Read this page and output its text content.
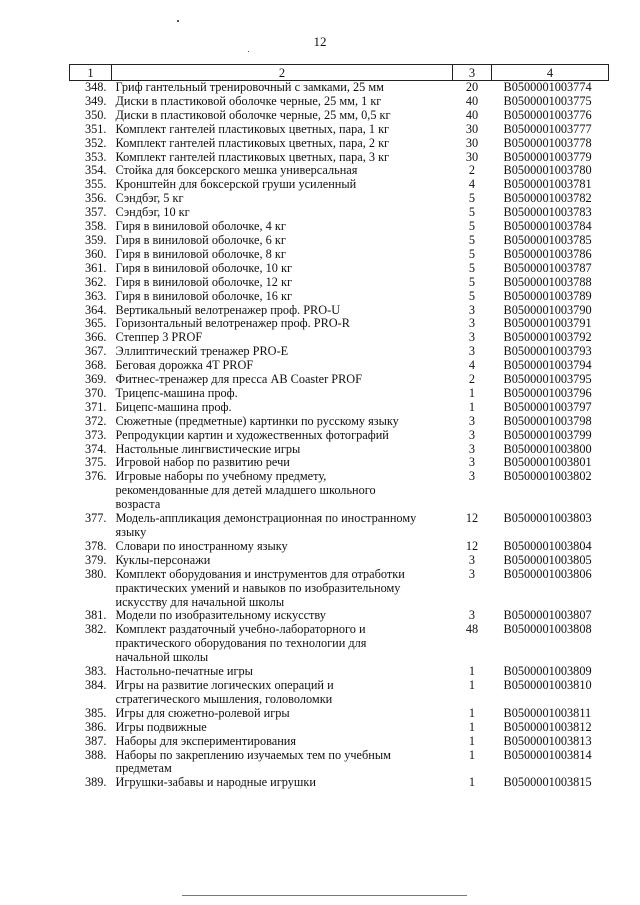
12
1	2	3	4
348.	Гриф гантельный тренировочный с замками, 25 мм	20	В0500001003774
349.	Диски в пластиковой оболочке черные, 25 мм, 1 кг	40	В0500001003775
350.	Диски в пластиковой оболочке черные, 25 мм, 0,5 кг	40	В0500001003776
351.	Комплект гантелей пластиковых цветных, пара, 1 кг	30	В0500001003777
352.	Комплект гантелей пластиковых цветных, пара, 2 кг	30	В0500001003778
353.	Комплект гантелей пластиковых цветных, пара, 3 кг	30	В0500001003779
354.	Стойка для боксерского мешка универсальная	2	В0500001003780
355.	Кронштейн для боксерской груши усиленный	4	В0500001003781
356.	Сэндбэг, 5 кг	5	В0500001003782
357.	Сэндбэг, 10 кг	5	В0500001003783
358.	Гиря в виниловой оболочке, 4 кг	5	В0500001003784
359.	Гиря в виниловой оболочке, 6 кг	5	В0500001003785
360.	Гиря в виниловой оболочке, 8 кг	5	В0500001003786
361.	Гиря в виниловой оболочке, 10 кг	5	В0500001003787
362.	Гиря в виниловой оболочке, 12 кг	5	В0500001003788
363.	Гиря в виниловой оболочке, 16 кг	5	В0500001003789
364.	Вертикальный велотренажер проф. PRO-U	3	В0500001003790
365.	Горизонтальный велотренажер проф. PRO-R	3	В0500001003791
366.	Степпер 3 PROF	3	В0500001003792
367.	Эллиптический тренажер PRO-E	3	В0500001003793
368.	Беговая дорожка 4T PROF	4	В0500001003794
369.	Фитнес-тренажер для пресса AB Coaster PROF	2	В0500001003795
370.	Трицепс-машина проф.	1	В0500001003796
371.	Бицепс-машина проф.	1	В0500001003797
372.	Сюжетные (предметные) картинки по русскому языку	3	В0500001003798
373.	Репродукции картин и художественных фотографий	3	В0500001003799
374.	Настольные лингвистические игры	3	В0500001003800
375.	Игровой набор по развитию речи	3	В0500001003801
376.	Игровые наборы по учебному предмету,
рекомендованные для детей младшего школьного
возраста	3	В0500001003802
377.	Модель-аппликация демонстрационная по иностранному
языку	12	В0500001003803
378.	Словари по иностранному языку	12	В0500001003804
379.	Куклы-персонажи	3	В0500001003805
380.	Комплект оборудования и инструментов для отработки
практических умений и навыков по изобразительному
искусству для начальной школы	3	В0500001003806
381.	Модели по изобразительному искусству	3	В0500001003807
382.	Комплект раздаточный учебно-лабораторного и
практического оборудования по технологии для
начальной школы	48	В0500001003808
383.	Настольно-печатные игры	1	В0500001003809
384.	Игры на развитие логических операций и
стратегического мышления, головоломки	1	В0500001003810
385.	Игры для сюжетно-ролевой игры	1	В0500001003811
386.	Игры подвижные	1	В0500001003812
387.	Наборы для экспериментирования	1	В0500001003813
388.	Наборы по закреплению изучаемых тем по учебным
предметам	1	В0500001003814
389.	Игрушки-забавы и народные игрушки	1	В0500001003815
